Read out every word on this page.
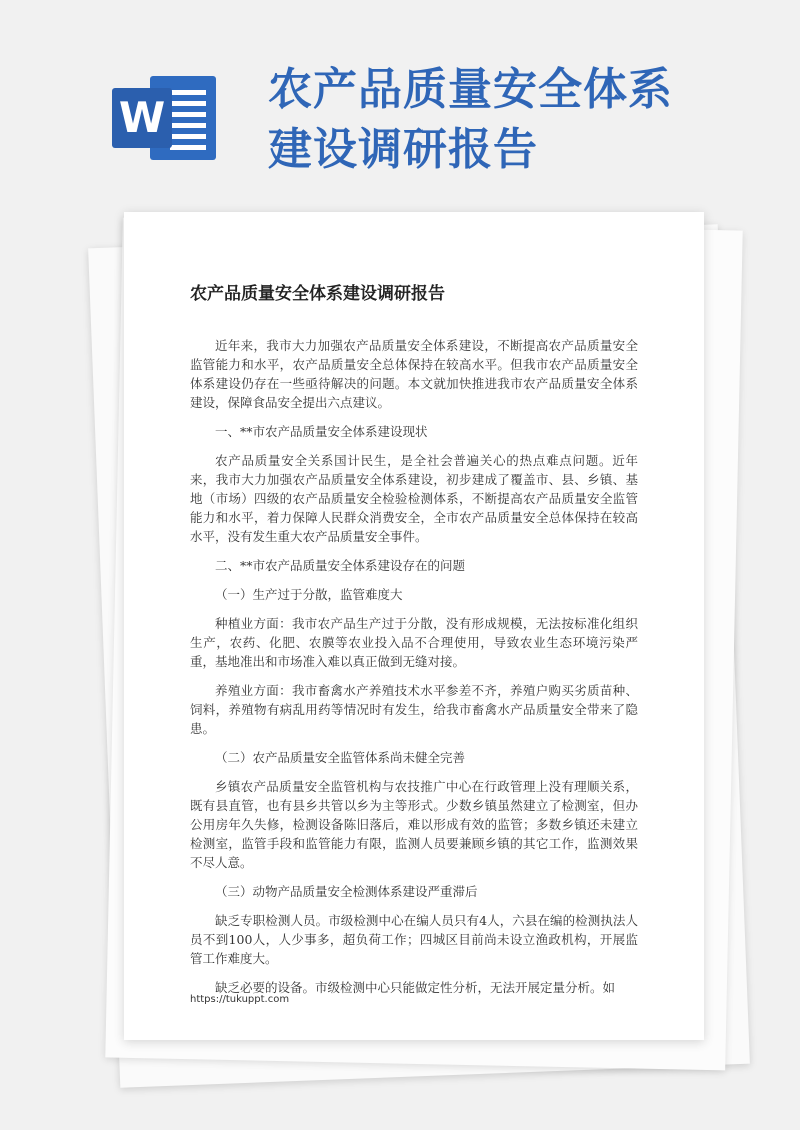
W
农产品质量安全体系建设调研报告
农产品质量安全体系建设调研报告

近年来，我市大力加强农产品质量安全体系建设，不断提高农产品质量安全监管能力和水平，农产品质量安全总体保持在较高水平。但我市农产品质量安全体系建设仍存在一些亟待解决的问题。本文就加快推进我市农产品质量安全体系建设，保障食品安全提出六点建议。

一、**市农产品质量安全体系建设现状

农产品质量安全关系国计民生，是全社会普遍关心的热点难点问题。近年来，我市大力加强农产品质量安全体系建设，初步建成了覆盖市、县、乡镇、基地（市场）四级的农产品质量安全检验检测体系，不断提高农产品质量安全监管能力和水平，着力保障人民群众消费安全，全市农产品质量安全总体保持在较高水平，没有发生重大农产品质量安全事件。

二、**市农产品质量安全体系建设存在的问题

（一）生产过于分散，监管难度大

种植业方面：我市农产品生产过于分散，没有形成规模，无法按标准化组织生产，农药、化肥、农膜等农业投入品不合理使用，导致农业生态环境污染严重，基地准出和市场准入难以真正做到无缝对接。

养殖业方面：我市畜禽水产养殖技术水平参差不齐，养殖户购买劣质苗种、饲料，养殖物有病乱用药等情况时有发生，给我市畜禽水产品质量安全带来了隐患。

（二）农产品质量安全监管体系尚未健全完善

乡镇农产品质量安全监管机构与农技推广中心在行政管理上没有理顺关系，既有县直管，也有县乡共管以乡为主等形式。少数乡镇虽然建立了检测室，但办公用房年久失修，检测设备陈旧落后，难以形成有效的监管；多数乡镇还未建立检测室，监管手段和监管能力有限，监测人员要兼顾乡镇的其它工作，监测效果不尽人意。

（三）动物产品质量安全检测体系建设严重滞后

缺乏专职检测人员。市级检测中心在编人员只有4人，六县在编的检测执法人员不到100人，人少事多，超负荷工作；四城区目前尚未设立渔政机构，开展监管工作难度大。

缺乏必要的设备。市级检测中心只能做定性分析，无法开展定量分析。如

https://tukuppt.com
